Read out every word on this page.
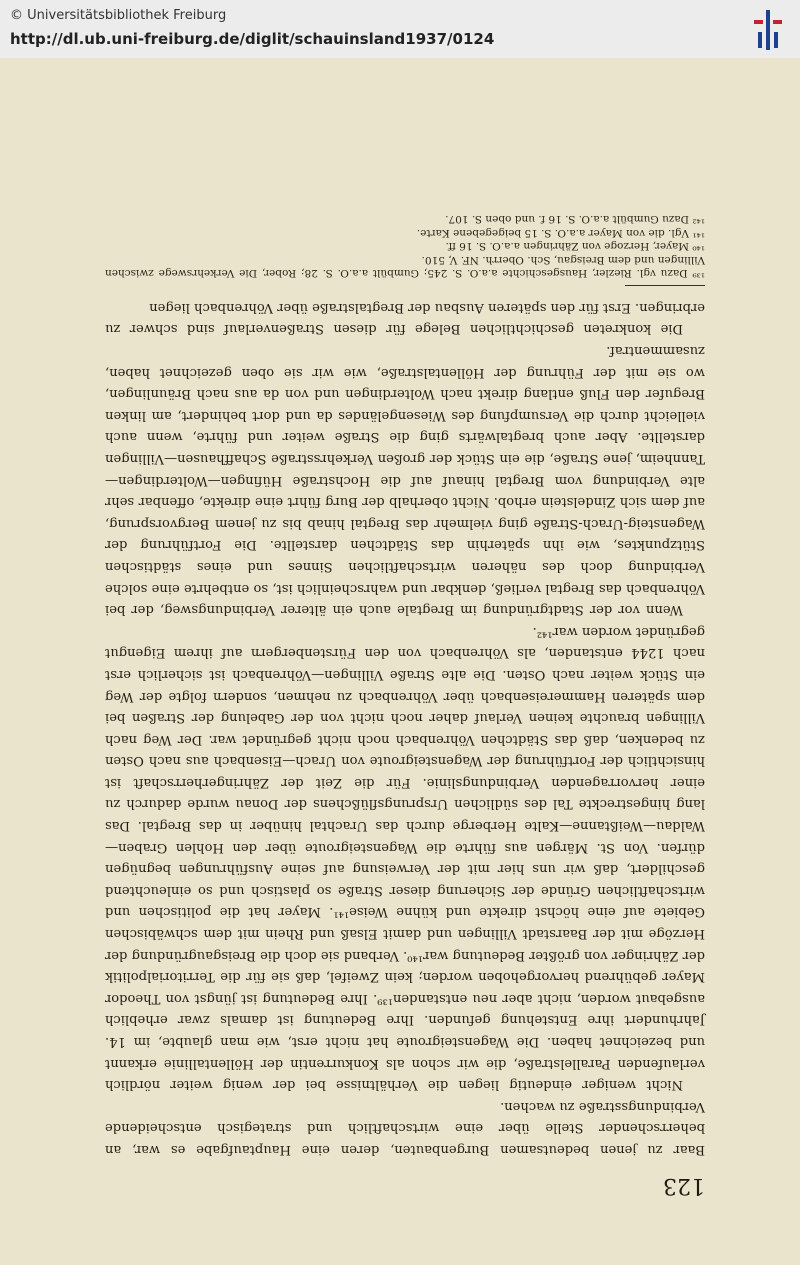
© Universitätsbibliothek Freiburg
http://dl.ub.uni-freiburg.de/diglit/schauinsland1937/0124
123

Baar zu jenen bedeutsamen Burgenbauten, deren eine Hauptaufgabe es war, an beherrschender Stelle über eine wirtschaftlich und strategisch entscheidende Verbindungsstraße zu wachen.

Nicht weniger eindeutig liegen die Verhältnisse bei der wenig weiter nördlich verlaufenden Parallelstraße, die wir schon als Konkurrentin der Höllentallinie erkannt und bezeichnet haben. Die Wagensteigroute hat nicht erst, wie man glaubte, im 14. Jahrhundert ihre Entstehung gefunden. Ihre Bedeutung ist damals zwar erheblich ausgebaut worden, nicht aber neu entstanden¹³⁹. Ihre Bedeutung ist jüngst von Theodor Mayer gebührend hervorgehoben worden; kein Zweifel, daß sie für die Territorialpolitik der Zähringer von größter Bedeutung war¹⁴⁰. Verband sie doch die Breisgaugründung der Herzöge mit der Baarstadt Villingen und damit Elsaß und Rhein mit dem schwäbischen Gebiete auf eine höchst direkte und kühne Weise¹⁴¹. Mayer hat die politischen und wirtschaftlichen Gründe der Sicherung dieser Straße so plastisch und so einleuchtend geschildert, daß wir uns hier mit der Verweisung auf seine Ausführungen begnügen dürfen. Von St. Märgen aus führte die Wagensteigroute über den Hohlen Graben—Waldau—Weißtanne—Kalte Herberge durch das Urachtal hinüber in das Bregtal. Das lang hingestreckte Tal des südlichen Ursprungsflüßchens der Donau wurde dadurch zu einer hervorragenden Verbindungslinie. Für die Zeit der Zähringerherrschaft ist hinsichtlich der Fortführung der Wagensteigroute von Urach—Eisenbach aus nach Osten zu bedenken, daß das Städtchen Vöhrenbach noch nicht gegründet war. Der Weg nach Villingen brauchte keinen Verlauf daher noch nicht von der Gabelung der Straßen bei dem späteren Hammereisenbach über Vöhrenbach zu nehmen, sondern folgte der Weg ein Stück weiter nach Osten. Die alte Straße Villingen—Vöhrenbach ist sicherlich erst nach 1244 entstanden, als Vöhrenbach von den Fürstenbergern auf ihrem Eigengut gegründet worden war¹⁴².

Wenn vor der Stadtgründung im Bregtale auch ein älterer Verbindungsweg, der bei Vöhrenbach das Bregtal verließ, denkbar und wahrscheinlich ist, so entbehrte eine solche Verbindung doch des näheren wirtschaftlichen Sinnes und eines städtischen Stützpunktes, wie ihn späterhin das Städtchen darstellte. Die Fortführung der Wagensteig-Urach-Straße ging vielmehr das Bregtal hinab bis zu jenem Bergvorsprung, auf dem sich Zindelstein erhob. Nicht oberhalb der Burg führt eine direkte, offenbar sehr alte Verbindung vom Bregtal hinauf auf die Hochstraße Hüfingen—Wolterdingen—Tannheim, jene Straße, die ein Stück der großen Verkehrsstraße Schaffhausen—Villingen darstellte. Aber auch bregtalwärts ging die Straße weiter und führte, wenn auch vielleicht durch die Versumpfung des Wiesengeländes da und dort behindert, am linken Bregufer den Fluß entlang direkt nach Wolterdingen und von da aus nach Bräunlingen, wo sie mit der Führung der Höllentalstraße, wie wir sie oben gezeichnet haben, zusammentraf.

Die konkreten geschichtlichen Belege für diesen Straßenverlauf sind schwer zu erbringen. Erst für den späteren Ausbau der Bregtalstraße über Vöhrenbach liegen

¹³⁹ Dazu vgl. Riezler, Hausgeschichte a.a.O. S. 245; Gumbült a.a.O. S. 28; Rober, Die Verkehrswege zwischen Villingen und dem Breisgau, Sch. Oberrh. NF. V, 510.
¹⁴⁰ Mayer, Herzoge von Zähringen a.a.O. S. 16 ff.
¹⁴¹ Vgl. die von Mayer a.a.O. S. 15 beigegebene Karte.
¹⁴² Dazu Gumbült a.a.O. S. 16 f. und oben S. 107.
